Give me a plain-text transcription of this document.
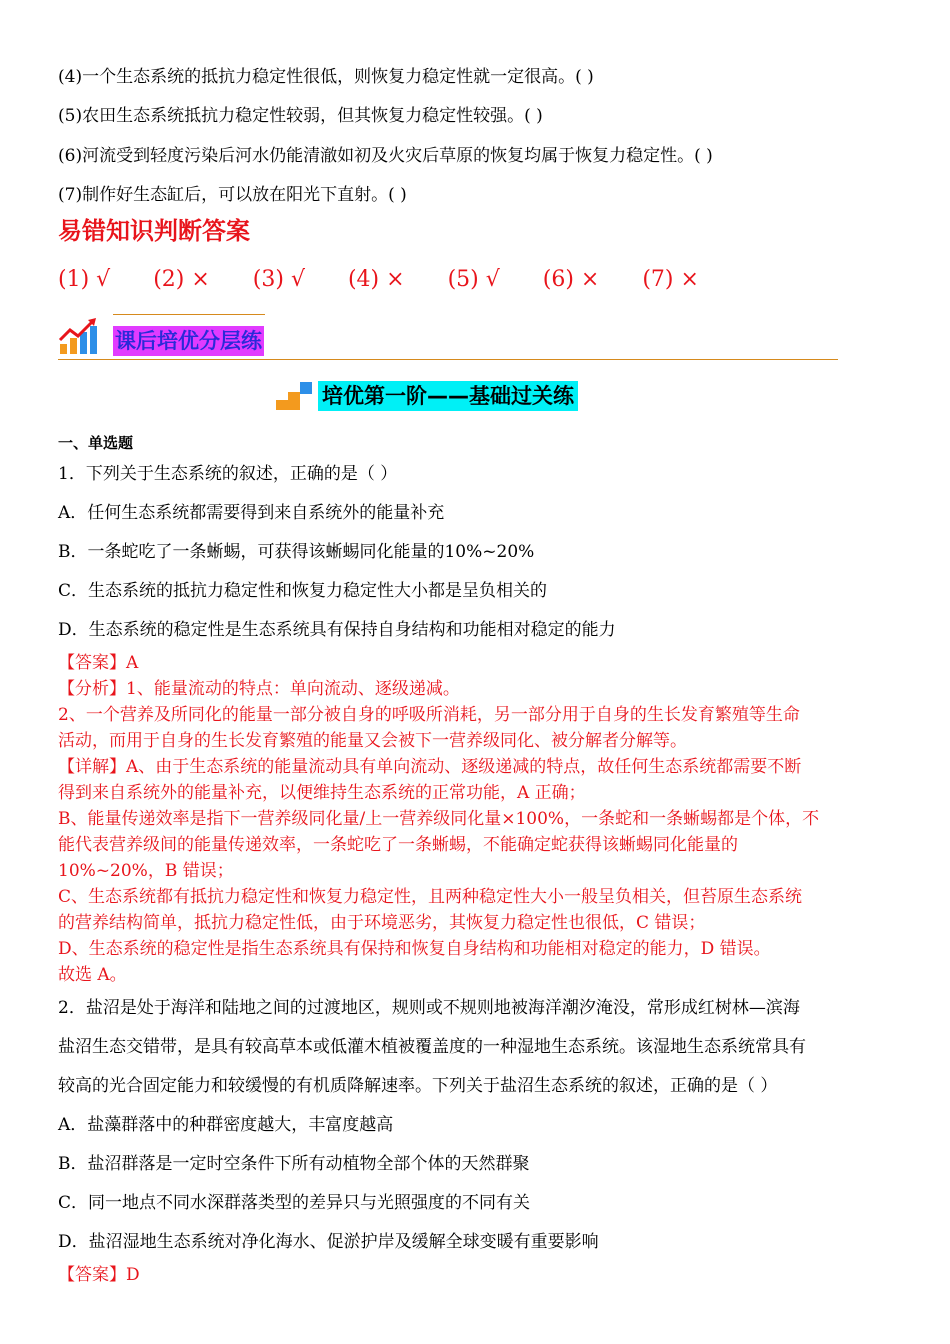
(4)一个生态系统的抵抗力稳定性很低，则恢复力稳定性就一定很高。( )
(5)农田生态系统抵抗力稳定性较弱，但其恢复力稳定性较强。( )
(6)河流受到轻度污染后河水仍能清澈如初及火灾后草原的恢复均属于恢复力稳定性。( )
(7)制作好生态缸后，可以放在阳光下直射。( )
易错知识判断答案
(1) √ (2) × (3) √ (4) × (5) √ (6) × (7) ×
课后培优分层练
培优第一阶——基础过关练
一、单选题
1．下列关于生态系统的叙述，正确的是（ ）
A．任何生态系统都需要得到来自系统外的能量补充
B．一条蛇吃了一条蜥蜴，可获得该蜥蜴同化能量的10%~20%
C．生态系统的抵抗力稳定性和恢复力稳定性大小都是呈负相关的
D．生态系统的稳定性是生态系统具有保持自身结构和功能相对稳定的能力
【答案】A
【分析】1、能量流动的特点：单向流动、逐级递减。
2、一个营养及所同化的能量一部分被自身的呼吸所消耗，另一部分用于自身的生长发育繁殖等生命
活动，而用于自身的生长发育繁殖的能量又会被下一营养级同化、被分解者分解等。
【详解】A、由于生态系统的能量流动具有单向流动、逐级递减的特点，故任何生态系统都需要不断
得到来自系统外的能量补充，以便维持生态系统的正常功能，A 正确；
B、能量传递效率是指下一营养级同化量/上一营养级同化量×100%，一条蛇和一条蜥蜴都是个体，不
能代表营养级间的能量传递效率，一条蛇吃了一条蜥蜴，不能确定蛇获得该蜥蜴同化能量的
10%~20%，B 错误；
C、生态系统都有抵抗力稳定性和恢复力稳定性，且两种稳定性大小一般呈负相关，但苔原生态系统
的营养结构简单，抵抗力稳定性低，由于环境恶劣，其恢复力稳定性也很低，C 错误；
D、生态系统的稳定性是指生态系统具有保持和恢复自身结构和功能相对稳定的能力，D 错误。
故选 A。
2．盐沼是处于海洋和陆地之间的过渡地区，规则或不规则地被海洋潮汐淹没，常形成红树林—滨海
盐沼生态交错带，是具有较高草本或低灌木植被覆盖度的一种湿地生态系统。该湿地生态系统常具有
较高的光合固定能力和较缓慢的有机质降解速率。下列关于盐沼生态系统的叙述，正确的是（ ）
A．盐藻群落中的种群密度越大，丰富度越高
B．盐沼群落是一定时空条件下所有动植物全部个体的天然群聚
C．同一地点不同水深群落类型的差异只与光照强度的不同有关
D．盐沼湿地生态系统对净化海水、促淤护岸及缓解全球变暖有重要影响
【答案】D
